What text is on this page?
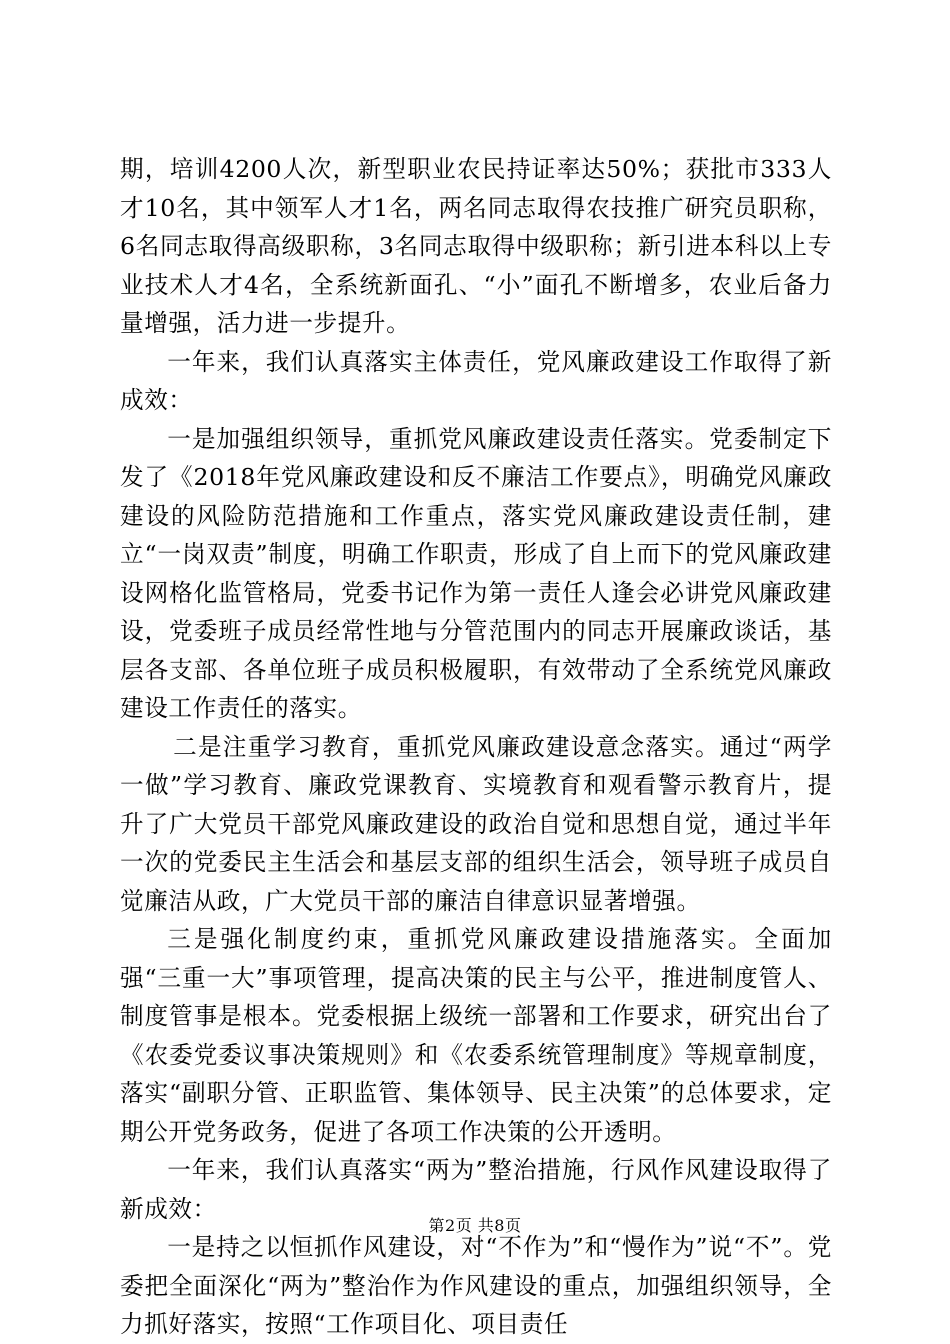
期，培训4200人次，新型职业农民持证率达50%；获批市333人才10名，其中领军人才1名，两名同志取得农技推广研究员职称，6名同志取得高级职称，3名同志取得中级职称；新引进本科以上专业技术人才4名，全系统新面孔、“小”面孔不断增多，农业后备力量增强，活力进一步提升。

一年来，我们认真落实主体责任，党风廉政建设工作取得了新成效：

一是加强组织领导，重抓党风廉政建设责任落实。党委制定下发了《2018年党风廉政建设和反不廉洁工作要点》，明确党风廉政建设的风险防范措施和工作重点，落实党风廉政建设责任制，建立“一岗双责”制度，明确工作职责，形成了自上而下的党风廉政建设网格化监管格局，党委书记作为第一责任人逢会必讲党风廉政建设，党委班子成员经常性地与分管范围内的同志开展廉政谈话，基层各支部、各单位班子成员积极履职，有效带动了全系统党风廉政建设工作责任的落实。

二是注重学习教育，重抓党风廉政建设意念落实。通过“两学一做”学习教育、廉政党课教育、实境教育和观看警示教育片，提升了广大党员干部党风廉政建设的政治自觉和思想自觉，通过半年一次的党委民主生活会和基层支部的组织生活会，领导班子成员自觉廉洁从政，广大党员干部的廉洁自律意识显著增强。

三是强化制度约束，重抓党风廉政建设措施落实。全面加强“三重一大”事项管理，提高决策的民主与公平，推进制度管人、制度管事是根本。党委根据上级统一部署和工作要求，研究出台了《农委党委议事决策规则》和《农委系统管理制度》等规章制度，落实“副职分管、正职监管、集体领导、民主决策”的总体要求，定期公开党务政务，促进了各项工作决策的公开透明。

一年来，我们认真落实“两为”整治措施，行风作风建设取得了新成效：

一是持之以恒抓作风建设，对“不作为”和“慢作为”说“不”。党委把全面深化“两为”整治作为作风建设的重点，加强组织领导，全力抓好落实，按照“工作项目化、项目责任

第2页 共8页
